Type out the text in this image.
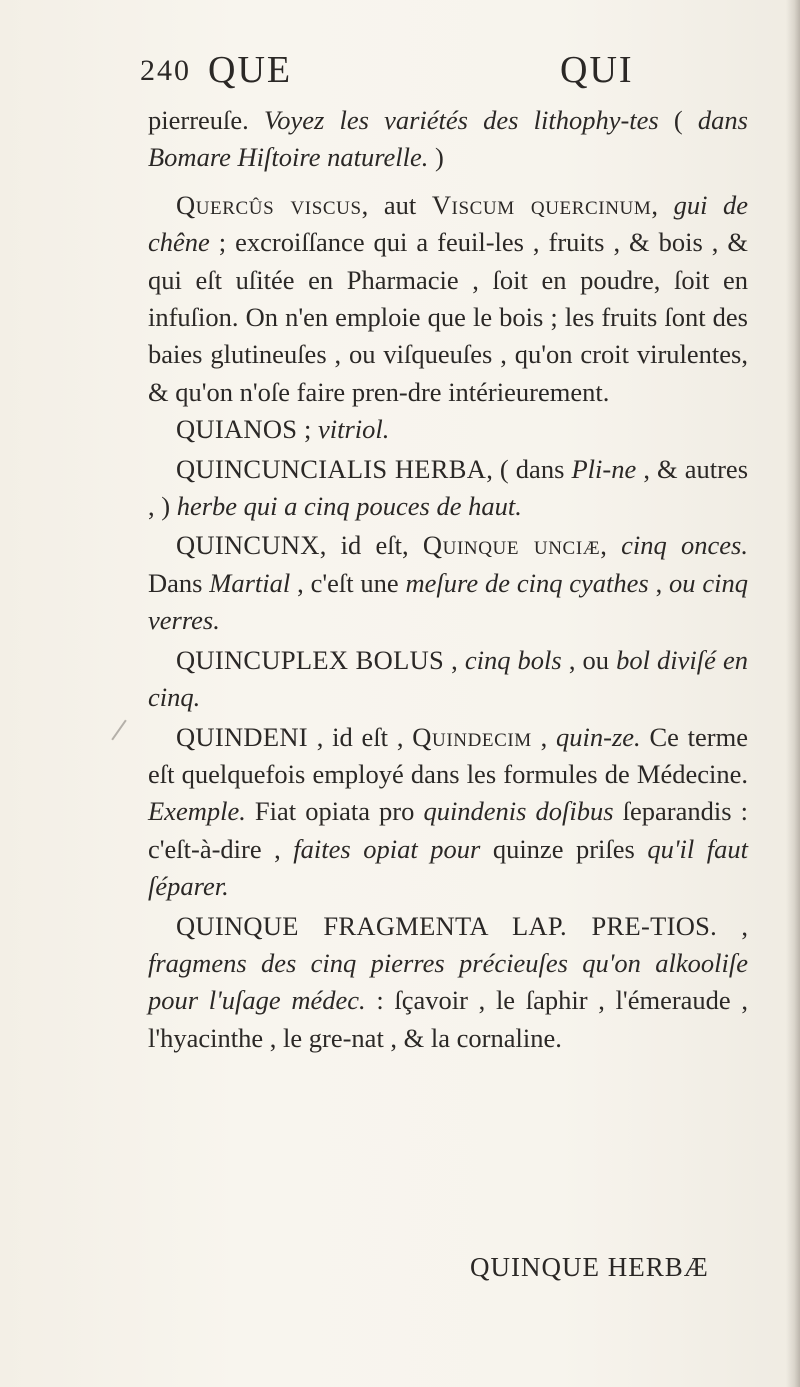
240 QUE	QUI

pierreuſe. Voyez les variétés des lithophy-tes ( dans Bomare Hiſtoire naturelle. )

Quercûs viscus, aut Viscum quercinum, gui de chêne ; excroiſſance qui a feuil-les , fruits , & bois , & qui eſt uſitée en Pharmacie , ſoit en poudre, ſoit en infuſion. On n'en emploie que le bois ; les fruits ſont des baies glutineuſes , ou viſqueuſes , qu'on croit virulentes, & qu'on n'oſe faire pren-dre intérieurement.

QUIANOS ; vitriol.

QUINCUNCIALIS HERBA, ( dans Pli-ne , & autres , ) herbe qui a cinq pouces de haut.

QUINCUNX, id eſt, Quinque unciæ, cinq onces. Dans Martial , c'eſt une meſure de cinq cyathes , ou cinq verres.

QUINCUPLEX BOLUS , cinq bols , ou bol diviſé en cinq.

QUINDENI , id eſt , Quindecim , quin-ze. Ce terme eſt quelquefois employé dans les formules de Médecine. Exemple. Fiat opiata pro quindenis doſibus ſeparandis : c'eſt-à-dire , faites opiat pour quinze priſes qu'il faut ſéparer.

QUINQUE FRAGMENTA LAP. PRE-TIOS. , fragmens des cinq pierres précieuſes qu'on alkooliſe pour l'uſage médec. : ſçavoir , le ſaphir , l'émeraude , l'hyacinthe , le gre-nat , & la cornaline.

QUINQUE HERBÆ
